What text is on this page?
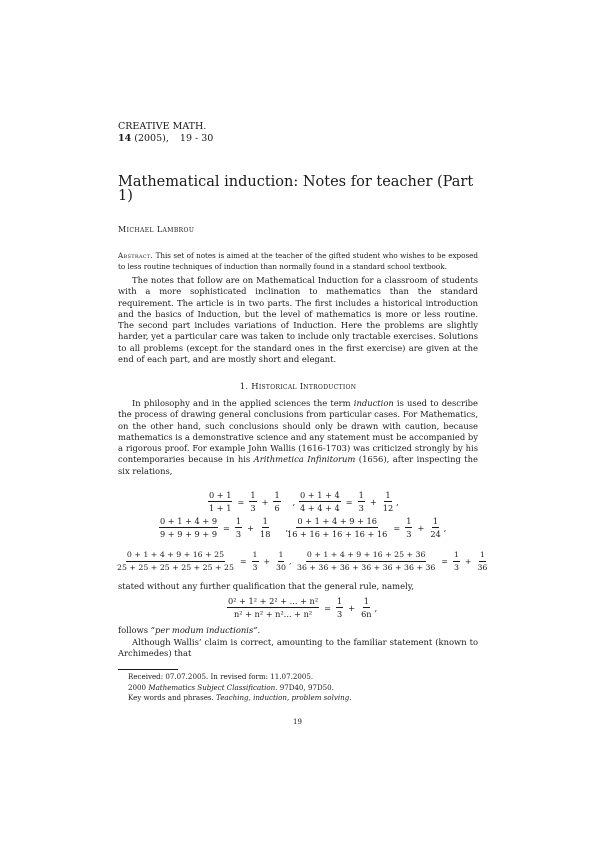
CREATIVE MATH.
14 (2005), 19 - 30
Mathematical induction: Notes for teacher (Part 1)
Michael Lambrou

Abstract. This set of notes is aimed at the teacher of the gifted student who wishes to be exposed to less routine techniques of induction than normally found in a standard school textbook.

The notes that follow are on Mathematical Induction for a classroom of students with a more sophisticated inclination to mathematics than the standard requirement. The article is in two parts. The first includes a historical introduction and the basics of Induction, but the level of mathematics is more or less routine. The second part includes variations of Induction. Here the problems are slightly harder, yet a particular care was taken to include only tractable exercises. Solutions to all problems (except for the standard ones in the first exercise) are given at the end of each part, and are mostly short and elegant.

1. Historical Introduction

In philosophy and in the applied sciences the term induction is used to describe the process of drawing general conclusions from particular cases. For Mathematics, on the other hand, such conclusions should only be drawn with caution, because mathematics is a demonstrative science and any statement must be accompanied by a rigorous proof. For example John Wallis (1616-1703) was criticized strongly by his contemporaries because in his Arithmetica Infinitorum (1656), after inspecting the six relations,

$\frac{0 + 1}{1 + 1} = \frac{1}{3} + \frac{1}{6}$ , $\frac{0 + 1 + 4}{4 + 4 + 4} = \frac{1}{3} + \frac{1}{12}$ ,
$\frac{0 + 1 + 4 + 9}{9 + 9 + 9 + 9} = \frac{1}{3} + \frac{1}{18}$ ,
$\frac{0 + 1 + 4 + 9 + 16}{16 + 16 + 16 + 16 + 16} = \frac{1}{3} + \frac{1}{24}$ ,
$\frac{0 + 1 + 4 + 9 + 16 + 25}{25 + 25 + 25 + 25 + 25 + 25} = \frac{1}{3} + \frac{1}{30}$ , $\frac{0 + 1 + 4 + 9 + 16 + 25 + 36}{36 + 36 + 36 + 36 + 36 + 36 + 36} = \frac{1}{3} + \frac{1}{36}$
stated without any further qualification that the general rule, namely,
$\frac{\text{0² + 1² + 2² + ... + n²}}{\text{n² + n² + n²... + n²}} = \frac{1}{3} + \frac{1}{6n}$ ,
follows “per modum inductionis”.

Although Wallis’ claim is correct, amounting to the familiar statement (known to Archimedes) that

Received: 07.07.2005. In revised form: 11.07.2005.
2000 Mathematics Subject Classification. 97D40, 97D50.
Key words and phrases. Teaching, induction, problem solving.
19
